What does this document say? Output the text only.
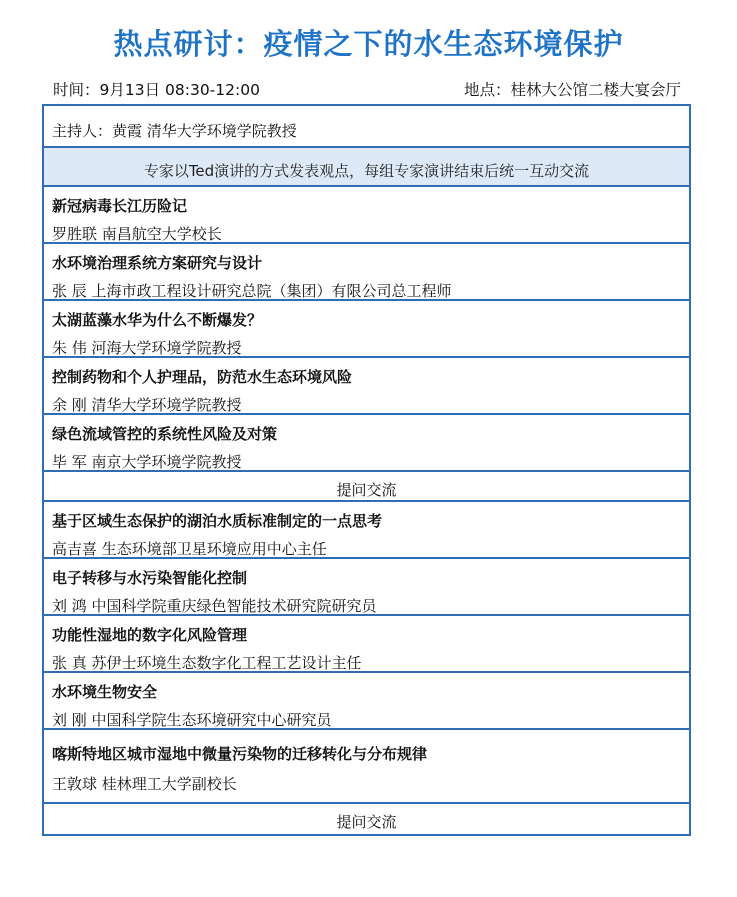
热点研讨：疫情之下的水生态环境保护
时间：9月13日 08:30-12:00	地点：桂林大公馆二楼大宴会厅
主持人：黄霞 清华大学环境学院教授
专家以Ted演讲的方式发表观点，每组专家演讲结束后统一互动交流
新冠病毒长江历险记
罗胜联 南昌航空大学校长
水环境治理系统方案研究与设计
张 辰 上海市政工程设计研究总院（集团）有限公司总工程师
太湖蓝藻水华为什么不断爆发？
朱 伟 河海大学环境学院教授
控制药物和个人护理品，防范水生态环境风险
余 刚 清华大学环境学院教授
绿色流域管控的系统性风险及对策
毕 军 南京大学环境学院教授
提问交流
基于区域生态保护的湖泊水质标准制定的一点思考
高吉喜 生态环境部卫星环境应用中心主任
电子转移与水污染智能化控制
刘 鸿 中国科学院重庆绿色智能技术研究院研究员
功能性湿地的数字化风险管理
张 真 苏伊士环境生态数字化工程工艺设计主任
水环境生物安全
刘 刚 中国科学院生态环境研究中心研究员
喀斯特地区城市湿地中微量污染物的迁移转化与分布规律
王敦球 桂林理工大学副校长
提问交流
